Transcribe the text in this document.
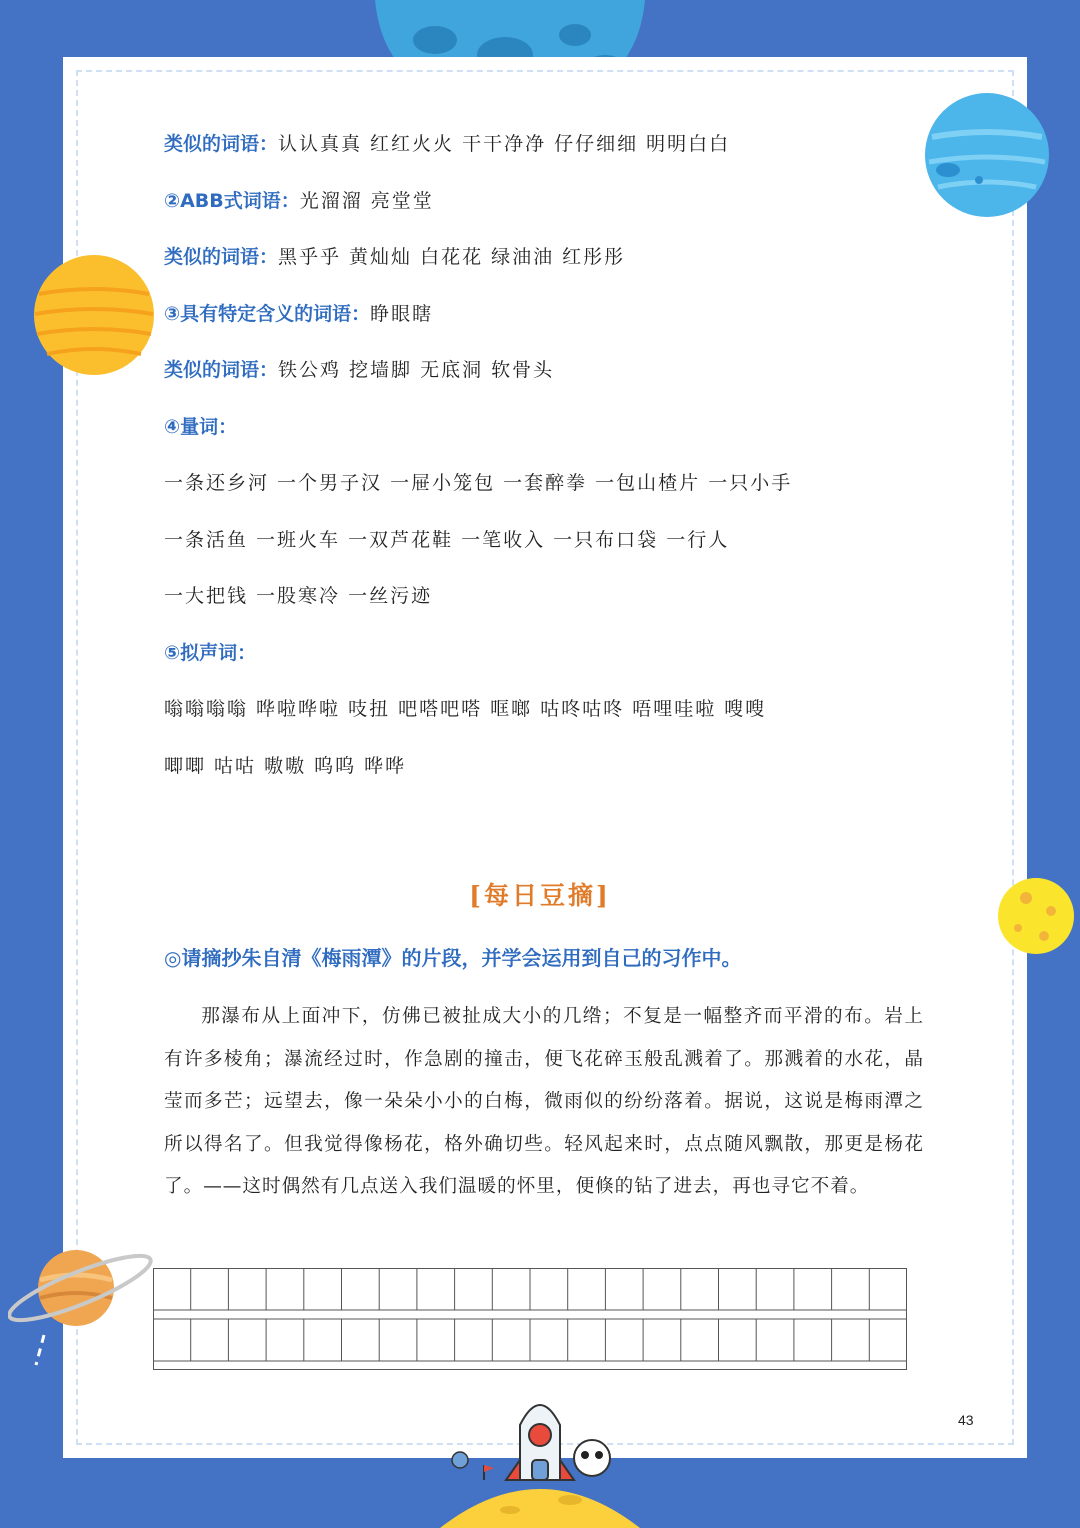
类似的词语：认认真真 红红火火 干干净净 仔仔细细 明明白白
②ABB式词语：光溜溜 亮堂堂
类似的词语：黑乎乎 黄灿灿 白花花 绿油油 红彤彤
③具有特定含义的词语：睁眼瞎
类似的词语：铁公鸡 挖墙脚 无底洞 软骨头
④量词：
一条还乡河 一个男子汉 一屉小笼包 一套醉拳 一包山楂片 一只小手
一条活鱼 一班火车 一双芦花鞋 一笔收入 一只布口袋 一行人
一大把钱 一股寒冷 一丝污迹
⑤拟声词：
嗡嗡嗡嗡 哗啦哗啦 吱扭 吧嗒吧嗒 哐啷 咕咚咕咚 唔哩哇啦 嗖嗖
唧唧 咕咕 嗷嗷 呜呜 哗哗
[每日豆摘]
◎请摘抄朱自清《梅雨潭》的片段，并学会运用到自己的习作中。
那瀑布从上面冲下，仿佛已被扯成大小的几绺；不复是一幅整齐而平滑的布。岩上有许多棱角；瀑流经过时，作急剧的撞击，便飞花碎玉般乱溅着了。那溅着的水花，晶莹而多芒；远望去，像一朵朵小小的白梅，微雨似的纷纷落着。据说，这说是梅雨潭之所以得名了。但我觉得像杨花，格外确切些。轻风起来时，点点随风飘散，那更是杨花了。——这时偶然有几点送入我们温暖的怀里，便倏的钻了进去，再也寻它不着。
43
